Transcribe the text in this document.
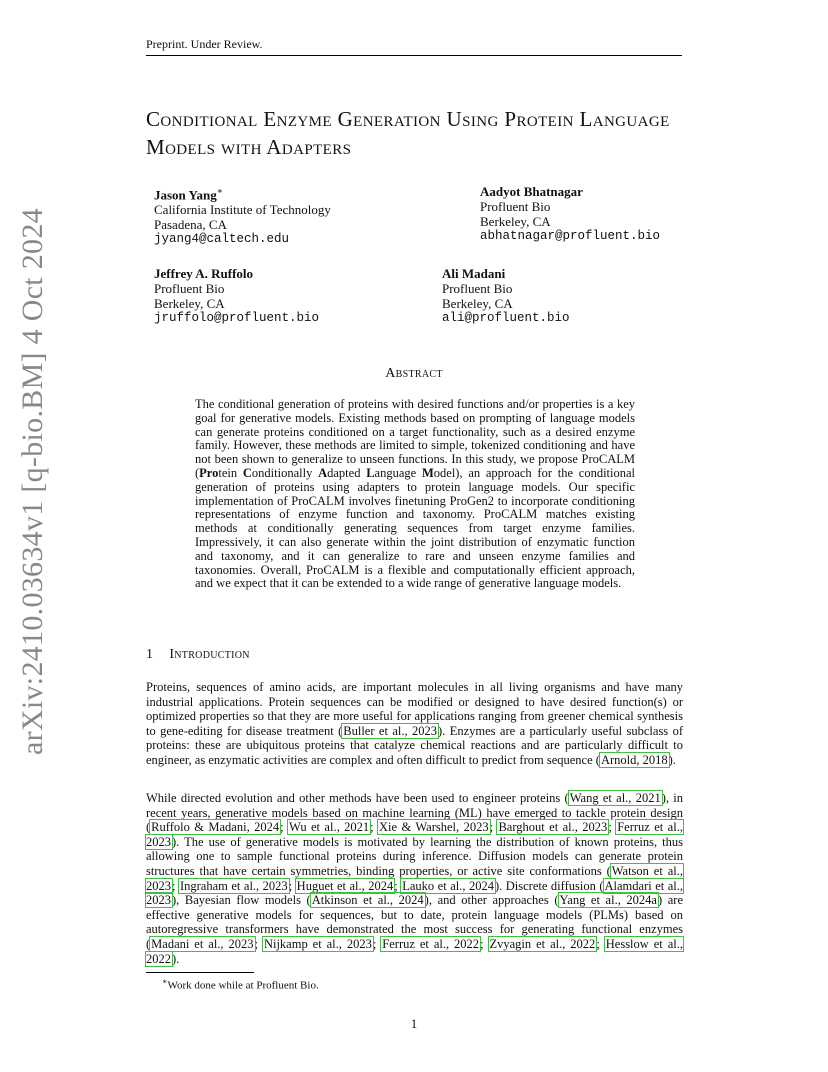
Preprint. Under Review.
arXiv:2410.03634v1 [q-bio.BM] 4 Oct 2024
Conditional Enzyme Generation Using Protein Language Models with Adapters
Jason Yang∗
California Institute of Technology
Pasadena, CA
jyang4@caltech.edu
Aadyot Bhatnagar
Profluent Bio
Berkeley, CA
abhatnagar@profluent.bio
Jeffrey A. Ruffolo
Profluent Bio
Berkeley, CA
jruffolo@profluent.bio
Ali Madani
Profluent Bio
Berkeley, CA
ali@profluent.bio
Abstract
The conditional generation of proteins with desired functions and/or properties is a key goal for generative models. Existing methods based on prompting of language models can generate proteins conditioned on a target functionality, such as a desired enzyme family. However, these methods are limited to simple, tokenized conditioning and have not been shown to generalize to unseen functions. In this study, we propose ProCALM (Protein Conditionally Adapted Language Model), an approach for the conditional generation of proteins using adapters to protein language models. Our specific implementation of ProCALM involves finetuning ProGen2 to incorporate conditioning representations of enzyme function and taxonomy. ProCALM matches existing methods at conditionally generating sequences from target enzyme families. Impressively, it can also generate within the joint distribution of enzymatic function and taxonomy, and it can generalize to rare and unseen enzyme families and taxonomies. Overall, ProCALM is a flexible and computationally efficient approach, and we expect that it can be extended to a wide range of generative language models.
1 Introduction
Proteins, sequences of amino acids, are important molecules in all living organisms and have many industrial applications. Protein sequences can be modified or designed to have desired function(s) or optimized properties so that they are more useful for applications ranging from greener chemical synthesis to gene-editing for disease treatment (Buller et al., 2023). Enzymes are a particularly useful subclass of proteins: these are ubiquitous proteins that catalyze chemical reactions and are particularly difficult to engineer, as enzymatic activities are complex and often difficult to predict from sequence (Arnold, 2018).
While directed evolution and other methods have been used to engineer proteins (Wang et al., 2021), in recent years, generative models based on machine learning (ML) have emerged to tackle protein design (Ruffolo & Madani, 2024; Wu et al., 2021; Xie & Warshel, 2023; Barghout et al., 2023; Ferruz et al., 2023). The use of generative models is motivated by learning the distribution of known proteins, thus allowing one to sample functional proteins during inference. Diffusion models can generate protein structures that have certain symmetries, binding properties, or active site conformations (Watson et al., 2023; Ingraham et al., 2023; Huguet et al., 2024; Lauko et al., 2024). Discrete diffusion (Alamdari et al., 2023), Bayesian flow models (Atkinson et al., 2024), and other approaches (Yang et al., 2024a) are effective generative models for sequences, but to date, protein language models (PLMs) based on autoregressive transformers have demonstrated the most success for generating functional enzymes (Madani et al., 2023; Nijkamp et al., 2023; Ferruz et al., 2022; Zvyagin et al., 2022; Hesslow et al., 2022).
∗Work done while at Profluent Bio.
1
